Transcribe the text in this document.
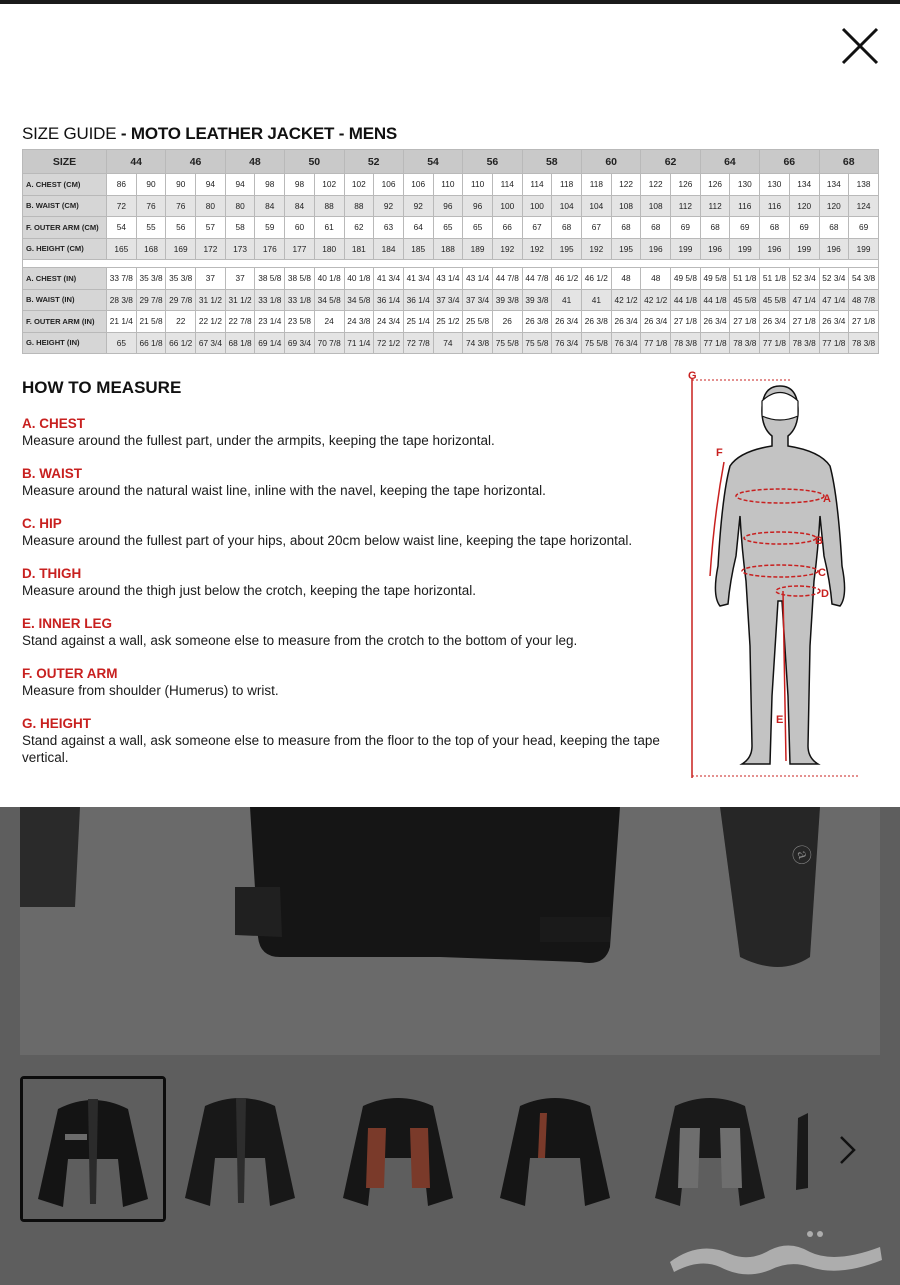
ⓐ
SIZE GUIDE - MOTO LEATHER JACKET - MENS
SIZE	44		46		48		50		52		54		56		58		60		62		64		66		68	
A. CHEST (CM)	86	90	90	94	94	98	98	102	102	106	106	110	110	114	114	118	118	122	122	126	126	130	130	134	134	138
B. WAIST (CM)	72	76	76	80	80	84	84	88	88	92	92	96	96	100	100	104	104	108	108	112	112	116	116	120	120	124
F. OUTER ARM (CM)	54	55	56	57	58	59	60	61	62	63	64	65	65	66	67	68	67	68	68	69	68	69	68	69	68	69
G. HEIGHT (CM)	165	168	169	172	173	176	177	180	181	184	185	188	189	192	192	195	192	195	196	199	196	199	196	199	196	199

A. CHEST (IN)	33 7/8	35 3/8	35 3/8	37	37	38 5/8	38 5/8	40 1/8	40 1/8	41 3/4	41 3/4	43 1/4	43 1/4	44 7/8	44 7/8	46 1/2	46 1/2	48	48	49 5/8	49 5/8	51 1/8	51 1/8	52 3/4	52 3/4	54 3/8
B. WAIST (IN)	28 3/8	29 7/8	29 7/8	31 1/2	31 1/2	33 1/8	33 1/8	34 5/8	34 5/8	36 1/4	36 1/4	37 3/4	37 3/4	39 3/8	39 3/8	41	41	42 1/2	42 1/2	44 1/8	44 1/8	45 5/8	45 5/8	47 1/4	47 1/4	48 7/8
F. OUTER ARM (IN)	21 1/4	21 5/8	22	22 1/2	22 7/8	23 1/4	23 5/8	24	24 3/8	24 3/4	25 1/4	25 1/2	25 5/8	26	26 3/8	26 3/4	26 3/8	26 3/4	26 3/4	27 1/8	26 3/4	27 1/8	26 3/4	27 1/8	26 3/4	27 1/8
G. HEIGHT (IN)	65	66 1/8	66 1/2	67 3/4	68 1/8	69 1/4	69 3/4	70 7/8	71 1/4	72 1/2	72 7/8	74	74 3/8	75 5/8	75 5/8	76 3/4	75 5/8	76 3/4	77 1/8	78 3/8	77 1/8	78 3/8	77 1/8	78 3/8	77 1/8	78 3/8
HOW TO MEASURE
A. CHEST
Measure around the fullest part, under the armpits, keeping the tape horizontal.
B. WAIST
Measure around the natural waist line, inline with the navel, keeping the tape horizontal.
C. HIP
Measure around the fullest part of your hips, about 20cm below waist line, keeping the tape horizontal.
D. THIGH
Measure around the thigh just below the crotch, keeping the tape horizontal.
E. INNER LEG
Stand against a wall, ask someone else to measure from the crotch to the bottom of your leg.
F. OUTER ARM
Measure from shoulder (Humerus) to wrist.
G. HEIGHT
Stand against a wall, ask someone else to measure from the floor to the top of your head, keeping the tape vertical.
G
F
A
B
C
D
E
